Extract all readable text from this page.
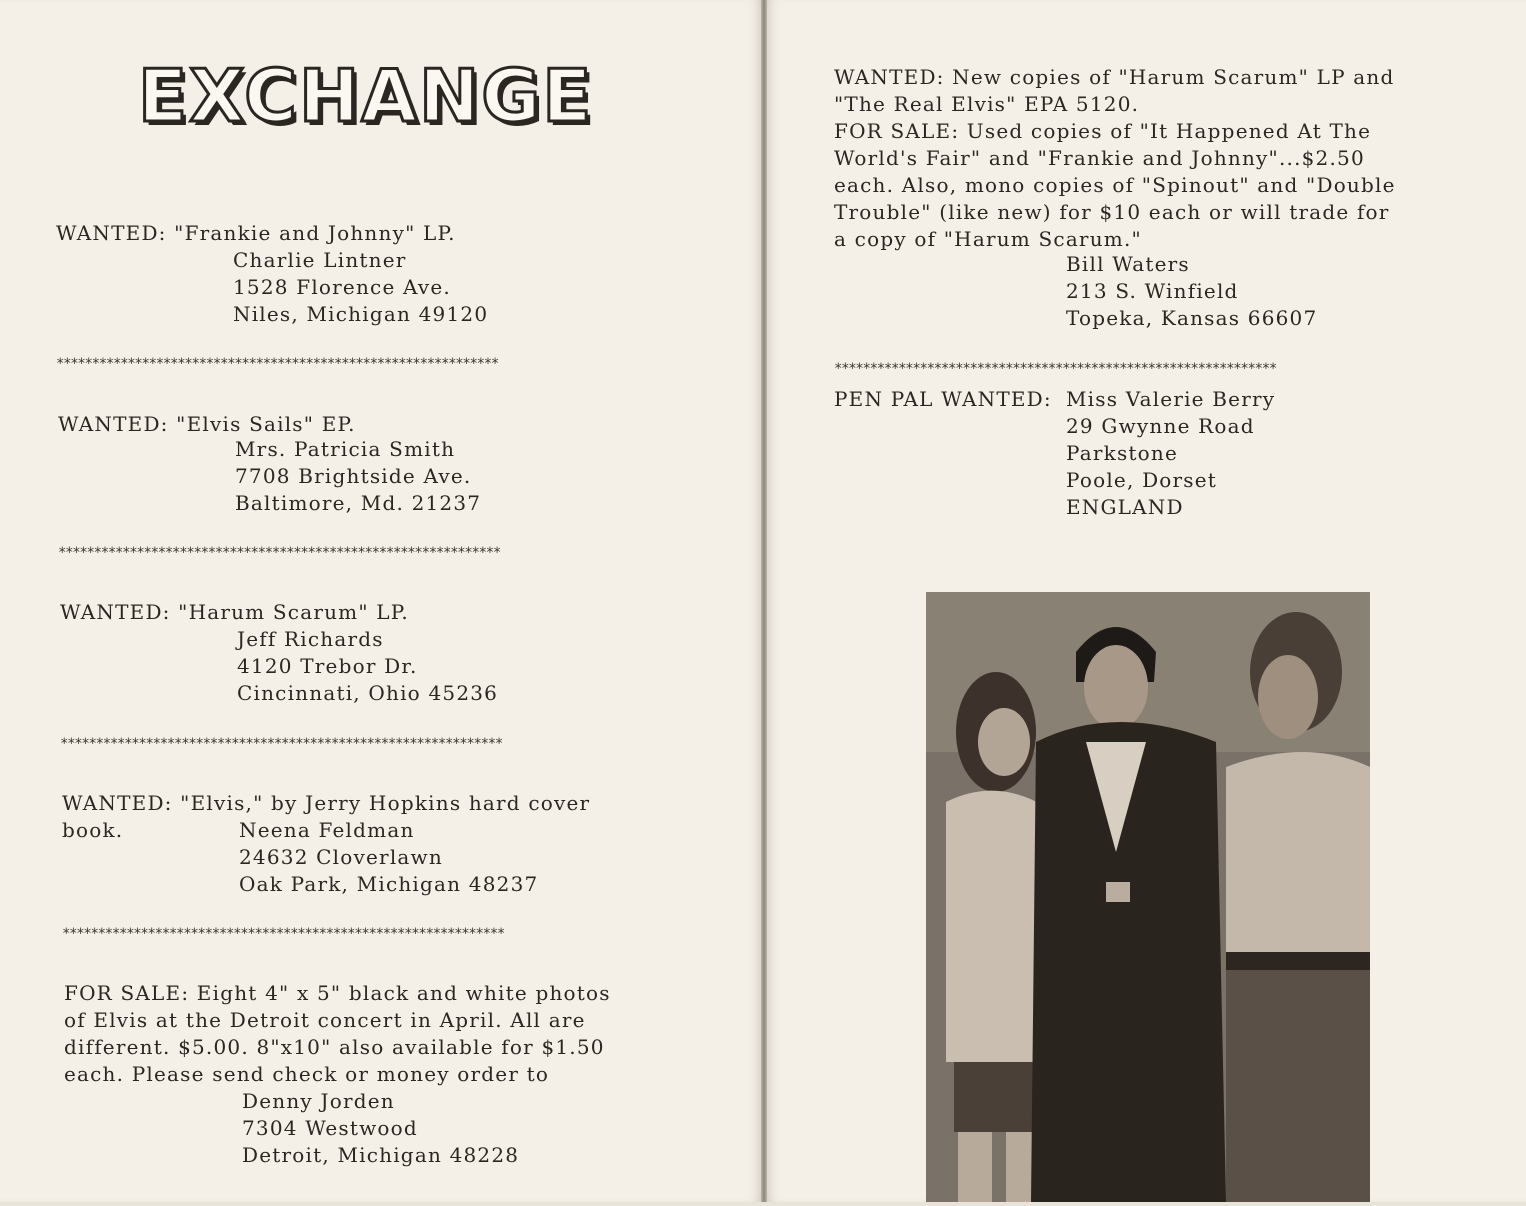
EXCHANGE
WANTED: "Frankie and Johnny" LP.
Charlie Lintner
1528 Florence Ave.
Niles, Michigan 49120
**************************************************************
WANTED: "Elvis Sails" EP.
Mrs. Patricia Smith
7708 Brightside Ave.
Baltimore, Md. 21237
**************************************************************
WANTED: "Harum Scarum" LP.
Jeff Richards
4120 Trebor Dr.
Cincinnati, Ohio 45236
**************************************************************
WANTED: "Elvis," by Jerry Hopkins hard cover
book.	Neena Feldman
24632 Cloverlawn
Oak Park, Michigan 48237
**************************************************************
FOR SALE: Eight 4" x 5" black and white photos
of Elvis at the Detroit concert in April. All are
different. $5.00. 8"x10" also available for $1.50
each. Please send check or money order to
Denny Jorden
7304 Westwood
Detroit, Michigan 48228
WANTED: New copies of "Harum Scarum" LP and
"The Real Elvis" EPA 5120.
FOR SALE: Used copies of "It Happened At The
World's Fair" and "Frankie and Johnny"...$2.50
each. Also, mono copies of "Spinout" and "Double
Trouble" (like new) for $10 each or will trade for
a copy of "Harum Scarum."
Bill Waters
213 S. Winfield
Topeka, Kansas 66607
**************************************************************
PEN PAL WANTED: Miss Valerie Berry
29 Gwynne Road
Parkstone
Poole, Dorset
ENGLAND
